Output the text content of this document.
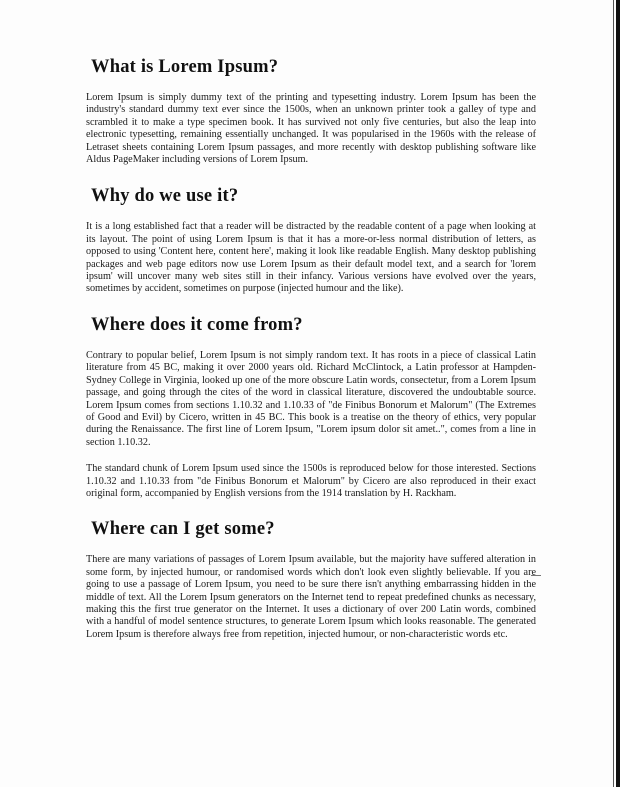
What is Lorem Ipsum?

Lorem Ipsum is simply dummy text of the printing and typesetting industry. Lorem Ipsum has been the industry's standard dummy text ever since the 1500s, when an unknown printer took a galley of type and scrambled it to make a type specimen book. It has survived not only five centuries, but also the leap into electronic typesetting, remaining essentially unchanged. It was popularised in the 1960s with the release of Letraset sheets containing Lorem Ipsum passages, and more recently with desktop publishing software like Aldus PageMaker including versions of Lorem Ipsum.

Why do we use it?

It is a long established fact that a reader will be distracted by the readable content of a page when looking at its layout. The point of using Lorem Ipsum is that it has a more-or-less normal distribution of letters, as opposed to using 'Content here, content here', making it look like readable English. Many desktop publishing packages and web page editors now use Lorem Ipsum as their default model text, and a search for 'lorem ipsum' will uncover many web sites still in their infancy. Various versions have evolved over the years, sometimes by accident, sometimes on purpose (injected humour and the like).

Where does it come from?

Contrary to popular belief, Lorem Ipsum is not simply random text. It has roots in a piece of classical Latin literature from 45 BC, making it over 2000 years old. Richard McClintock, a Latin professor at Hampden-Sydney College in Virginia, looked up one of the more obscure Latin words, consectetur, from a Lorem Ipsum passage, and going through the cites of the word in classical literature, discovered the undoubtable source. Lorem Ipsum comes from sections 1.10.32 and 1.10.33 of "de Finibus Bonorum et Malorum" (The Extremes of Good and Evil) by Cicero, written in 45 BC. This book is a treatise on the theory of ethics, very popular during the Renaissance. The first line of Lorem Ipsum, "Lorem ipsum dolor sit amet..", comes from a line in section 1.10.32.

The standard chunk of Lorem Ipsum used since the 1500s is reproduced below for those interested. Sections 1.10.32 and 1.10.33 from "de Finibus Bonorum et Malorum" by Cicero are also reproduced in their exact original form, accompanied by English versions from the 1914 translation by H. Rackham.

Where can I get some?

There are many variations of passages of Lorem Ipsum available, but the majority have suffered alteration in some form, by injected humour, or randomised words which don't look even slightly believable. If you are going to use a passage of Lorem Ipsum, you need to be sure there isn't anything embarrassing hidden in the middle of text. All the Lorem Ipsum generators on the Internet tend to repeat predefined chunks as necessary, making this the first true generator on the Internet. It uses a dictionary of over 200 Latin words, combined with a handful of model sentence structures, to generate Lorem Ipsum which looks reasonable. The generated Lorem Ipsum is therefore always free from repetition, injected humour, or non-characteristic words etc.
